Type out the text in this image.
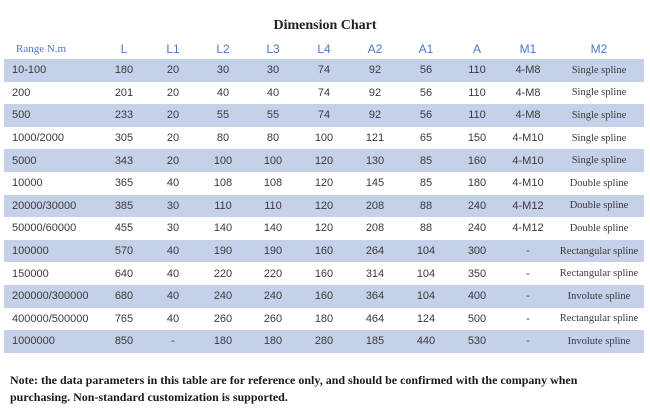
Dimension Chart
Range N.m	L	L1	L2	L3	L4	A2	A1	A	M1	M2
10-100	180	20	30	30	74	92	56	110	4-M8	Single spline
200	201	20	40	40	74	92	56	110	4-M8	Single spline
500	233	20	55	55	74	92	56	110	4-M8	Single spline
1000/2000	305	20	80	80	100	121	65	150	4-M10	Single spline
5000	343	20	100	100	120	130	85	160	4-M10	Single spline
10000	365	40	108	108	120	145	85	180	4-M10	Double spline
20000/30000	385	30	110	110	120	208	88	240	4-M12	Double spline
50000/60000	455	30	140	140	120	208	88	240	4-M12	Double spline
100000	570	40	190	190	160	264	104	300	-	Rectangular spline
150000	640	40	220	220	160	314	104	350	-	Rectangular spline
200000/300000	680	40	240	240	160	364	104	400	-	Involute spline
400000/500000	765	40	260	260	180	464	124	500	-	Rectangular spline
1000000	850	-	180	180	280	185	440	530	-	Involute spline
Note: the data parameters in this table are for reference only, and should be confirmed with the company when
purchasing. Non-standard customization is supported.
